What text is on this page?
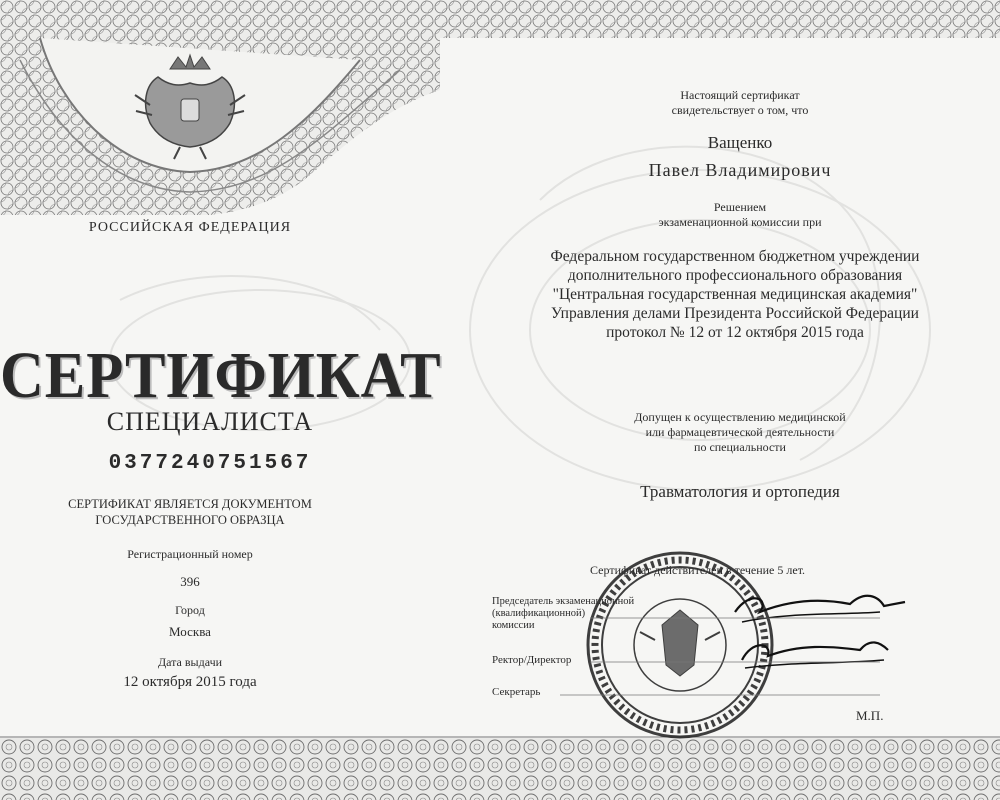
РОССИЙСКАЯ ФЕДЕРАЦИЯ
СЕРТИФИКАТ
СПЕЦИАЛИСТА
0377240751567
СЕРТИФИКАТ ЯВЛЯЕТСЯ ДОКУМЕНТОМ
ГОСУДАРСТВЕННОГО ОБРАЗЦА
Регистрационный номер
396
Город
Москва
Дата выдачи
12 октября 2015 года
Настоящий сертификат
свидетельствует о том, что
Ващенко
Павел Владимирович
Решением
экзаменационной комиссии при
Федеральном государственном бюджетном учреждении
дополнительного профессионального образования
"Центральная государственная медицинская академия"
Управления делами Президента Российской Федерации
протокол № 12 от 12 октября 2015 года
Допущен к осуществлению медицинской
или фармацевтической деятельности
по специальности
Травматология и ортопедия
Сертификат действителен в течение 5 лет.
Председатель экзаменационной
(квалификационной)
комиссии
Ректор/Директор
Секретарь
М.П.
